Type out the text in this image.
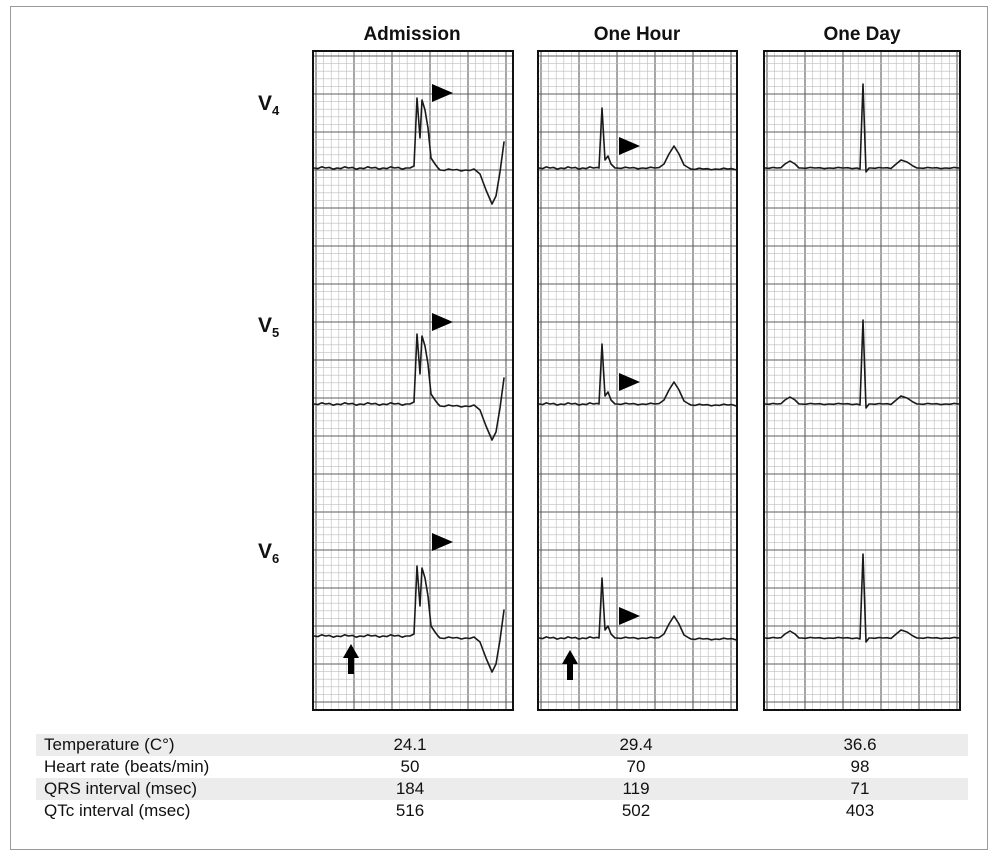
Admission	One Hour	One Day
$V_4$
$V_5$
$V_6$
Temperature (C°)	24.1	29.4	36.6
Heart rate (beats/min)	50	70	98
QRS interval (msec)	184	119	71
QTc interval (msec)	516	502	403
